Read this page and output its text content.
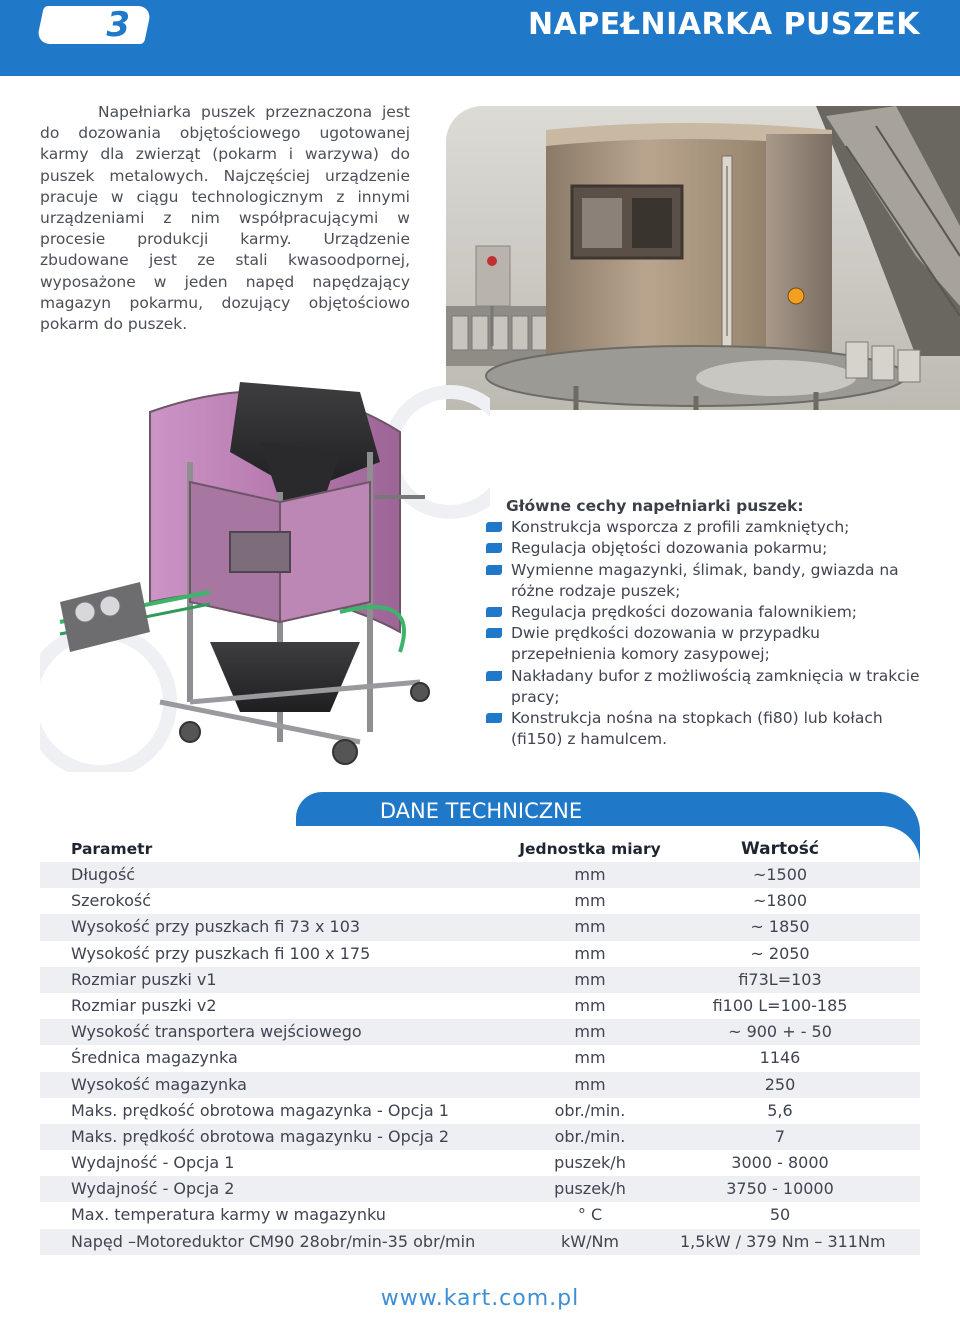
3	NAPEŁNIARKA PUSZEK

Napełniarka puszek przeznaczona jest do dozowania objętościowego ugotowanej karmy dla zwierząt (pokarm i warzywa) do puszek metalowych. Najczęściej urządzenie pracuje w ciągu technologicznym z innymi urządzeniami z nim współpracującymi w procesie produkcji karmy. Urządzenie zbudowane jest ze stali kwasoodpornej, wyposażone w jeden napęd napędzający magazyn pokarmu, dozujący objętościowo pokarm do puszek.

Główne cechy napełniarki puszek:

Konstrukcja wsporcza z profili zamkniętych;
Regulacja objętości dozowania pokarmu;
Wymienne magazynki, ślimak, bandy, gwiazda na różne rodzaje puszek;
Regulacja prędkości dozowania falownikiem;
Dwie prędkości dozowania w przypadku przepełnienia komory zasypowej;
Nakładany bufor z możliwością zamknięcia w trakcie pracy;
Konstrukcja nośna na stopkach (fi80) lub kołach (fi150) z hamulcem.
DANE TECHNICZNE
Parametr	Jednostka miary	Wartość
Długość	mm	~1500
Szerokość	mm	~1800
Wysokość przy puszkach fi 73 x 103	mm	~ 1850
Wysokość przy puszkach fi 100 x 175	mm	~ 2050
Rozmiar puszki v1	mm	fi73L=103
Rozmiar puszki v2	mm	fi100 L=100-185
Wysokość transportera wejściowego	mm	~ 900 + - 50
Średnica magazynka	mm	1146
Wysokość magazynka	mm	250
Maks. prędkość obrotowa magazynka - Opcja 1	obr./min.	5,6
Maks. prędkość obrotowa magazynku - Opcja 2	obr./min.	7
Wydajność - Opcja 1	puszek/h	3000 - 8000
Wydajność - Opcja 2	puszek/h	3750 - 10000
Max. temperatura karmy w magazynku	° C	50
Napęd –Motoreduktor CM90 28obr/min-35 obr/min	kW/Nm	1,5kW / 379 Nm – 311Nm
www.kart.com.pl
